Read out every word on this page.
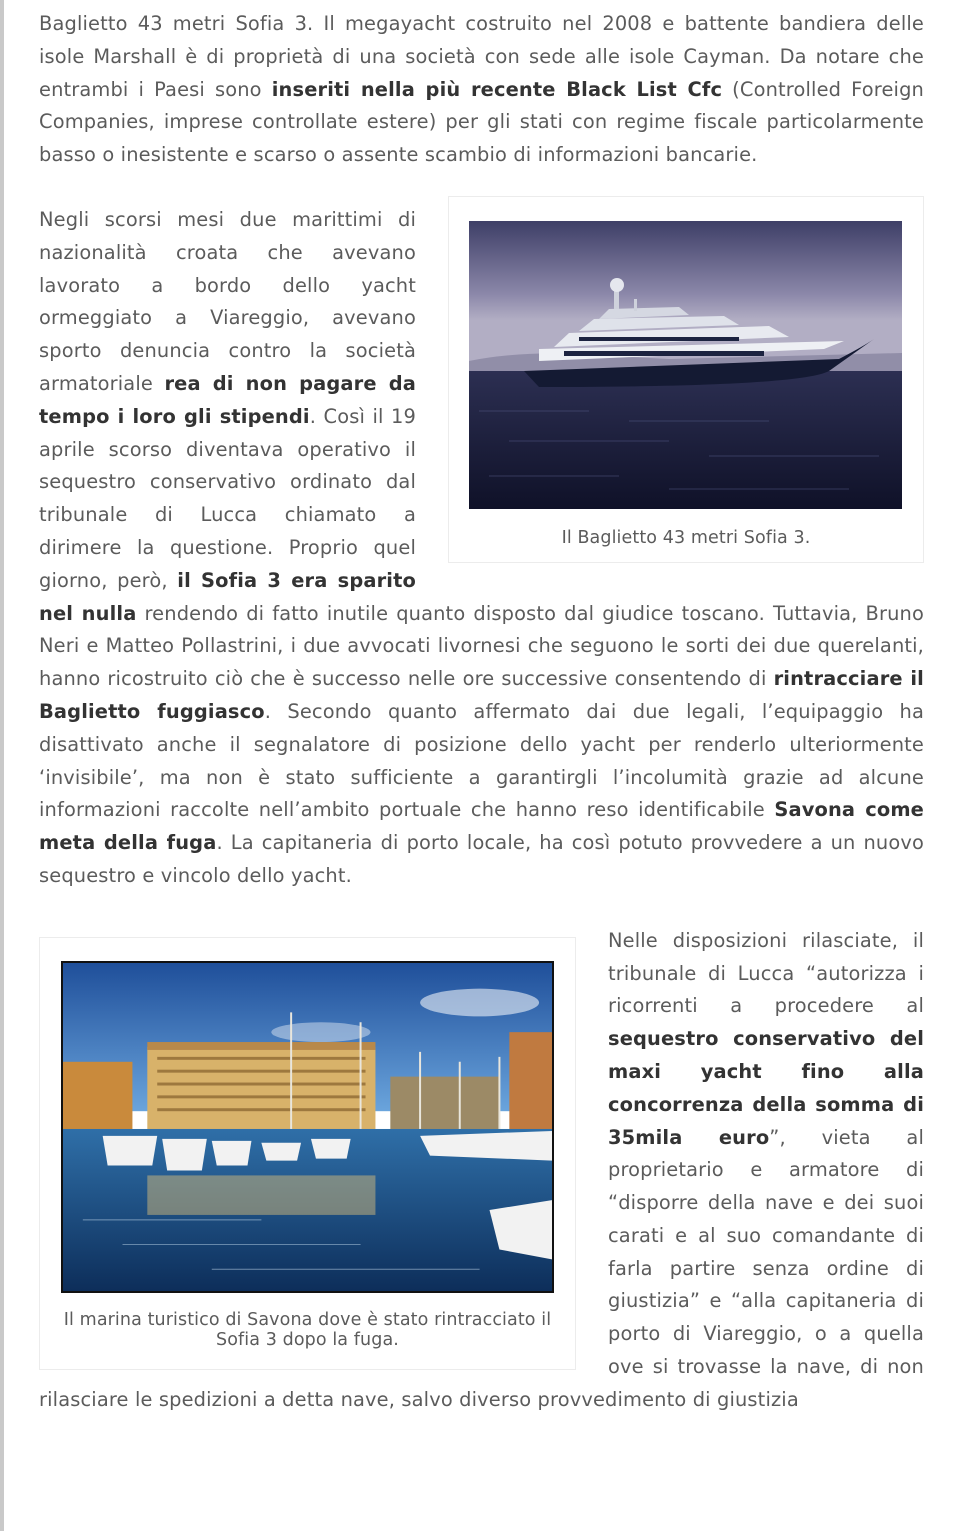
Baglietto 43 metri Sofia 3. Il megayacht costruito nel 2008 e battente bandiera delle isole Marshall è di proprietà di una società con sede alle isole Cayman. Da notare che entrambi i Paesi sono inseriti nella più recente Black List Cfc (Controlled Foreign Companies, imprese controllate estere) per gli stati con regime fiscale particolarmente basso o inesistente e scarso o assente scambio di informazioni bancarie.

Il Baglietto 43 metri Sofia 3.
Negli scorsi mesi due marittimi di nazionalità croata che avevano lavorato a bordo dello yacht ormeggiato a Viareggio, avevano sporto denuncia contro la società armatoriale rea di non pagare da tempo i loro gli stipendi. Così il 19 aprile scorso diventava operativo il sequestro conservativo ordinato dal tribunale di Lucca chiamato a dirimere la questione. Proprio quel giorno, però, il Sofia 3 era sparito nel nulla rendendo di fatto inutile quanto disposto dal giudice toscano. Tuttavia, Bruno Neri e Matteo Pollastrini, i due avvocati livornesi che seguono le sorti dei due querelanti, hanno ricostruito ciò che è successo nelle ore successive consentendo di rintracciare il Baglietto fuggiasco. Secondo quanto affermato dai due legali, l’equipaggio ha disattivato anche il segnalatore di posizione dello yacht per renderlo ulteriormente ‘invisibile’, ma non è stato sufficiente a garantirgli l’incolumità grazie ad alcune informazioni raccolte nell’ambito portuale che hanno reso identificabile Savona come meta della fuga. La capitaneria di porto locale, ha così potuto provvedere a un nuovo sequestro e vincolo dello yacht.

Il marina turistico di Savona dove è stato rintracciato il Sofia 3 dopo la fuga.
Nelle disposizioni rilasciate, il tribunale di Lucca “autorizza i ricorrenti a procedere al sequestro conservativo del maxi yacht fino alla concorrenza della somma di 35mila euro”, vieta al proprietario e armatore di “disporre della nave e dei suoi carati e al suo comandante di farla partire senza ordine di giustizia” e “alla capitaneria di porto di Viareggio, o a quella ove si trovasse la nave, di non rilasciare le spedizioni a detta nave, salvo diverso provvedimento di giustizia
